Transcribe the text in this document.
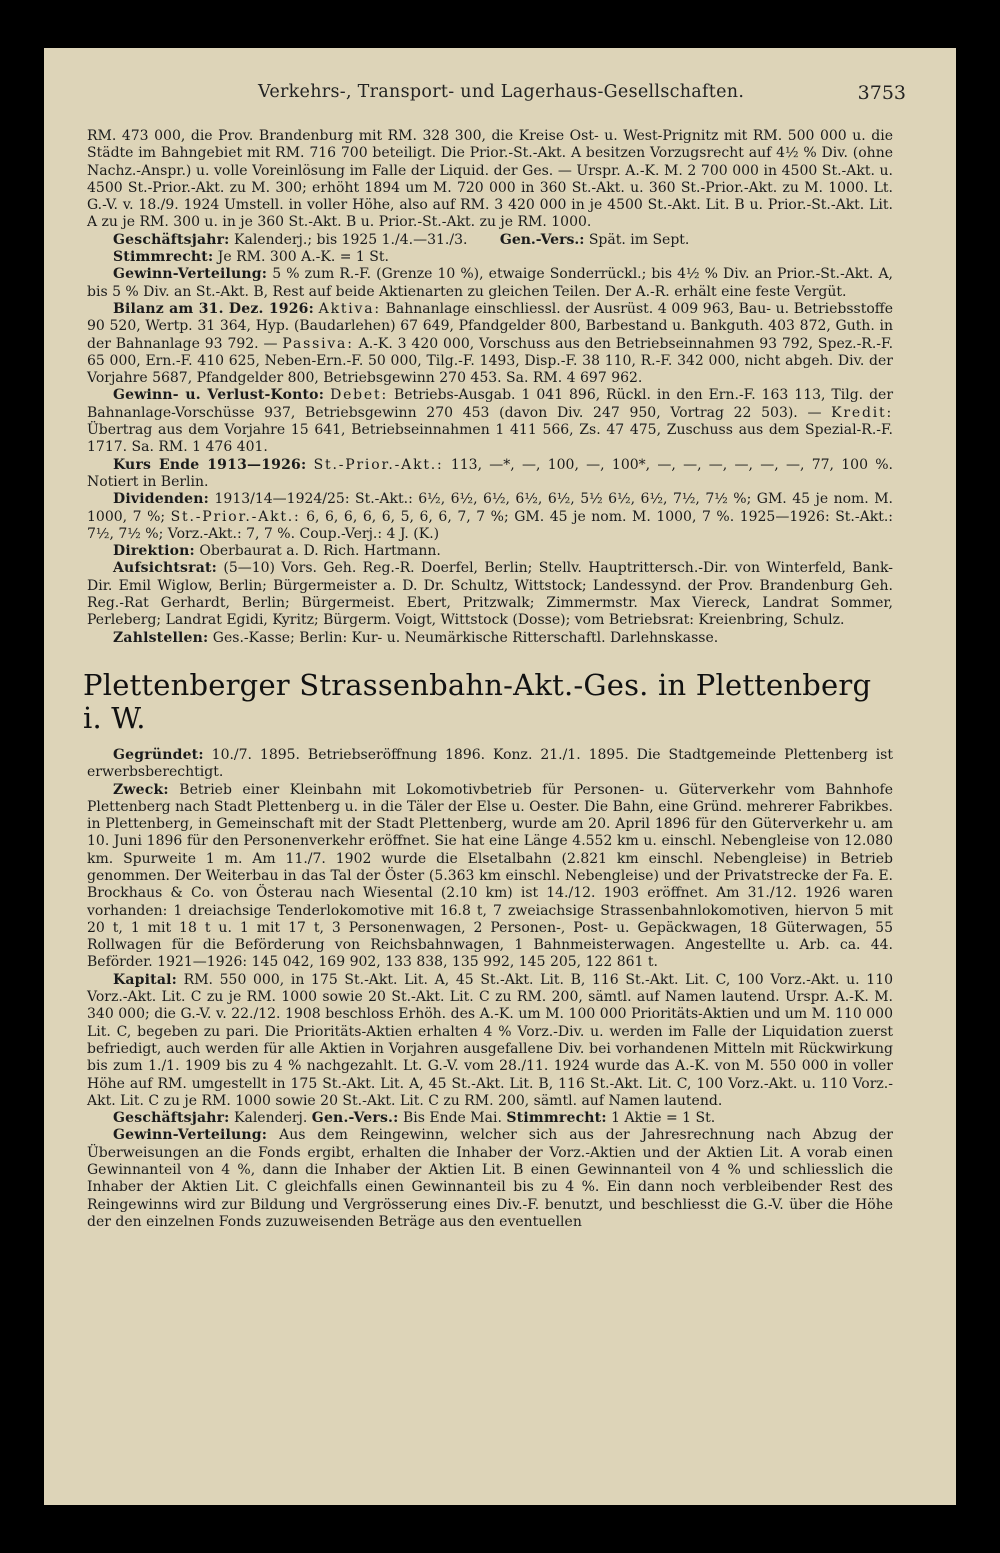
Verkehrs-, Transport- und Lagerhaus-Gesellschaften.	3753

RM. 473 000, die Prov. Brandenburg mit RM. 328 300, die Kreise Ost- u. West-Prignitz mit RM. 500 000 u. die Städte im Bahngebiet mit RM. 716 700 beteiligt. Die Prior.-St.-Akt. A besitzen Vorzugsrecht auf 4½ % Div. (ohne Nachz.-Anspr.) u. volle Voreinlösung im Falle der Liquid. der Ges. — Urspr. A.-K. M. 2 700 000 in 4500 St.-Akt. u. 4500 St.-Prior.-Akt. zu M. 300; erhöht 1894 um M. 720 000 in 360 St.-Akt. u. 360 St.-Prior.-Akt. zu M. 1000. Lt. G.-V. v. 18./9. 1924 Umstell. in voller Höhe, also auf RM. 3 420 000 in je 4500 St.-Akt. Lit. B u. Prior.-St.-Akt. Lit. A zu je RM. 300 u. in je 360 St.-Akt. B u. Prior.-St.-Akt. zu je RM. 1000.

Geschäftsjahr: Kalenderj.; bis 1925 1./4.—31./3. Gen.-Vers.: Spät. im Sept.

Stimmrecht: Je RM. 300 A.-K. = 1 St.

Gewinn-Verteilung: 5 % zum R.-F. (Grenze 10 %), etwaige Sonderrückl.; bis 4½ % Div. an Prior.-St.-Akt. A, bis 5 % Div. an St.-Akt. B, Rest auf beide Aktienarten zu gleichen Teilen. Der A.-R. erhält eine feste Vergüt.

Bilanz am 31. Dez. 1926: Aktiva: Bahnanlage einschliessl. der Ausrüst. 4 009 963, Bau- u. Betriebsstoffe 90 520, Wertp. 31 364, Hyp. (Baudarlehen) 67 649, Pfandgelder 800, Barbestand u. Bankguth. 403 872, Guth. in der Bahnanlage 93 792. — Passiva: A.-K. 3 420 000, Vorschuss aus den Betriebseinnahmen 93 792, Spez.-R.-F. 65 000, Ern.-F. 410 625, Neben-Ern.-F. 50 000, Tilg.-F. 1493, Disp.-F. 38 110, R.-F. 342 000, nicht abgeh. Div. der Vorjahre 5687, Pfandgelder 800, Betriebsgewinn 270 453. Sa. RM. 4 697 962.

Gewinn- u. Verlust-Konto: Debet: Betriebs-Ausgab. 1 041 896, Rückl. in den Ern.-F. 163 113, Tilg. der Bahnanlage-Vorschüsse 937, Betriebsgewinn 270 453 (davon Div. 247 950, Vortrag 22 503). — Kredit: Übertrag aus dem Vorjahre 15 641, Betriebseinnahmen 1 411 566, Zs. 47 475, Zuschuss aus dem Spezial-R.-F. 1717. Sa. RM. 1 476 401.

Kurs Ende 1913—1926: St.-Prior.-Akt.: 113, —*, —, 100, —, 100*, —, —, —, —, —, —, 77, 100 %. Notiert in Berlin.

Dividenden: 1913/14—1924/25: St.-Akt.: 6½, 6½, 6½, 6½, 6½, 5½ 6½, 6½, 7½, 7½ %; GM. 45 je nom. M. 1000, 7 %; St.-Prior.-Akt.: 6, 6, 6, 6, 6, 5, 6, 6, 7, 7 %; GM. 45 je nom. M. 1000, 7 %. 1925—1926: St.-Akt.: 7½, 7½ %; Vorz.-Akt.: 7, 7 %. Coup.-Verj.: 4 J. (K.)

Direktion: Oberbaurat a. D. Rich. Hartmann.

Aufsichtsrat: (5—10) Vors. Geh. Reg.-R. Doerfel, Berlin; Stellv. Hauptrittersch.-Dir. von Winterfeld, Bank-Dir. Emil Wiglow, Berlin; Bürgermeister a. D. Dr. Schultz, Wittstock; Landessynd. der Prov. Brandenburg Geh. Reg.-Rat Gerhardt, Berlin; Bürgermeist. Ebert, Pritzwalk; Zimmermstr. Max Viereck, Landrat Sommer, Perleberg; Landrat Egidi, Kyritz; Bürgerm. Voigt, Wittstock (Dosse); vom Betriebsrat: Kreienbring, Schulz.

Zahlstellen: Ges.-Kasse; Berlin: Kur- u. Neumärkische Ritterschaftl. Darlehnskasse.

Plettenberger Strassenbahn-Akt.-Ges. in Plettenberg i. W.

Gegründet: 10./7. 1895. Betriebseröffnung 1896. Konz. 21./1. 1895. Die Stadtgemeinde Plettenberg ist erwerbsberechtigt.

Zweck: Betrieb einer Kleinbahn mit Lokomotivbetrieb für Personen- u. Güterverkehr vom Bahnhofe Plettenberg nach Stadt Plettenberg u. in die Täler der Else u. Oester. Die Bahn, eine Gründ. mehrerer Fabrikbes. in Plettenberg, in Gemeinschaft mit der Stadt Plettenberg, wurde am 20. April 1896 für den Güterverkehr u. am 10. Juni 1896 für den Personenverkehr eröffnet. Sie hat eine Länge 4.552 km u. einschl. Nebengleise von 12.080 km. Spurweite 1 m. Am 11./7. 1902 wurde die Elsetalbahn (2.821 km einschl. Nebengleise) in Betrieb genommen. Der Weiterbau in das Tal der Öster (5.363 km einschl. Nebengleise) und der Privatstrecke der Fa. E. Brockhaus & Co. von Österau nach Wiesental (2.10 km) ist 14./12. 1903 eröffnet. Am 31./12. 1926 waren vorhanden: 1 dreiachsige Tenderlokomotive mit 16.8 t, 7 zweiachsige Strassenbahnlokomotiven, hiervon 5 mit 20 t, 1 mit 18 t u. 1 mit 17 t, 3 Personenwagen, 2 Personen-, Post- u. Gepäckwagen, 18 Güterwagen, 55 Rollwagen für die Beförderung von Reichsbahnwagen, 1 Bahnmeisterwagen. Angestellte u. Arb. ca. 44. Beförder. 1921—1926: 145 042, 169 902, 133 838, 135 992, 145 205, 122 861 t.

Kapital: RM. 550 000, in 175 St.-Akt. Lit. A, 45 St.-Akt. Lit. B, 116 St.-Akt. Lit. C, 100 Vorz.-Akt. u. 110 Vorz.-Akt. Lit. C zu je RM. 1000 sowie 20 St.-Akt. Lit. C zu RM. 200, sämtl. auf Namen lautend. Urspr. A.-K. M. 340 000; die G.-V. v. 22./12. 1908 beschloss Erhöh. des A.-K. um M. 100 000 Prioritäts-Aktien und um M. 110 000 Lit. C, begeben zu pari. Die Prioritäts-Aktien erhalten 4 % Vorz.-Div. u. werden im Falle der Liquidation zuerst befriedigt, auch werden für alle Aktien in Vorjahren ausgefallene Div. bei vorhandenen Mitteln mit Rückwirkung bis zum 1./1. 1909 bis zu 4 % nachgezahlt. Lt. G.-V. vom 28./11. 1924 wurde das A.-K. von M. 550 000 in voller Höhe auf RM. umgestellt in 175 St.-Akt. Lit. A, 45 St.-Akt. Lit. B, 116 St.-Akt. Lit. C, 100 Vorz.-Akt. u. 110 Vorz.-Akt. Lit. C zu je RM. 1000 sowie 20 St.-Akt. Lit. C zu RM. 200, sämtl. auf Namen lautend.

Geschäftsjahr: Kalenderj. Gen.-Vers.: Bis Ende Mai. Stimmrecht: 1 Aktie = 1 St.

Gewinn-Verteilung: Aus dem Reingewinn, welcher sich aus der Jahresrechnung nach Abzug der Überweisungen an die Fonds ergibt, erhalten die Inhaber der Vorz.-Aktien und der Aktien Lit. A vorab einen Gewinnanteil von 4 %, dann die Inhaber der Aktien Lit. B einen Gewinnanteil von 4 % und schliesslich die Inhaber der Aktien Lit. C gleichfalls einen Gewinnanteil bis zu 4 %. Ein dann noch verbleibender Rest des Reingewinns wird zur Bildung und Vergrösserung eines Div.-F. benutzt, und beschliesst die G.-V. über die Höhe der den einzelnen Fonds zuzuweisenden Beträge aus den eventuellen
